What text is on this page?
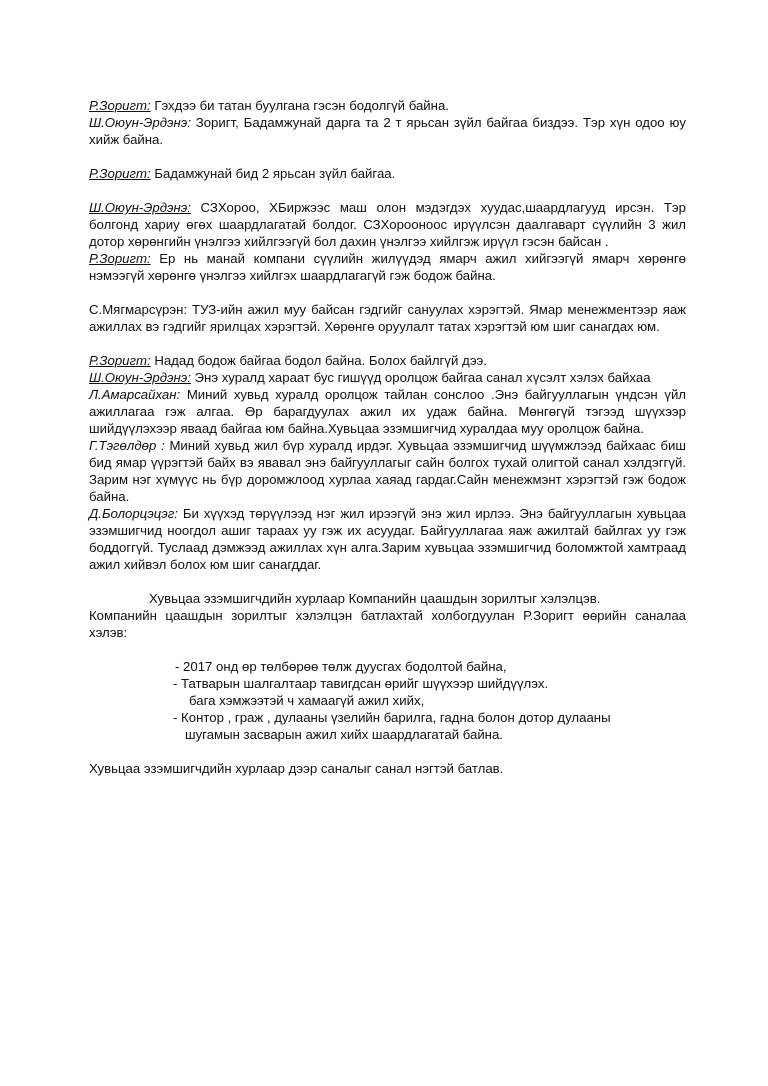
Р.Зоригт: Гэхдээ би татан буулгана гэсэн бодолгүй байна.

Ш.Оюун-Эрдэнэ: Зоригт, Бадамжунай дарга та 2 т ярьсан зүйл байгаа биздээ. Тэр хүн одоо юу хийж байна.

Р.Зоригт: Бадамжунай бид 2 ярьсан зүйл байгаа.

Ш.Оюун-Эрдэнэ: СЗХороо, ХБиржээс маш олон мэдэгдэх хуудас,шаардлагууд ирсэн. Тэр болгонд хариу өгөх шаардлагатай болдог. СЗХорооноос ирүүлсэн даалгаварт сүүлийн 3 жил дотор хөрөнгийн үнэлгээ хийлгээгүй бол дахин үнэлгээ хийлгэж ирүүл гэсэн байсан .

Р.Зоригт: Ер нь манай компани сүүлийн жилүүдэд ямарч ажил хийгээгүй ямарч хөрөнгө нэмээгүй хөрөнгө үнэлгээ хийлгэх шаардлагагүй гэж бодож байна.

С.Мягмарсүрэн: ТУЗ-ийн ажил муу байсан гэдгийг сануулах хэрэгтэй. Ямар менежментээр яаж ажиллах вэ гэдгийг ярилцах хэрэгтэй. Хөрөнгө оруулалт татах хэрэгтэй юм шиг санагдах юм.

Р.Зоригт: Надад бодож байгаа бодол байна. Болох байлгүй дээ.

Ш.Оюун-Эрдэнэ: Энэ хуралд хараат бус гишүүд оролцож байгаа санал хүсэлт хэлэх байхаа

Л.Амарсайхан: Миний хувьд хуралд оролцож тайлан сонслоо .Энэ байгууллагын үндсэн үйл ажиллагаа гэж алгаа. Өр барагдуулах ажил их удаж байна. Мөнгөгүй тэгээд шүүхээр шийдүүлэхээр яваад байгаа юм байна.Хувьцаа эзэмшигчид хуралдаа муу оролцож байна.

Г.Тэгөлдөр : Миний хувьд жил бүр хуралд ирдэг. Хувьцаа эзэмшигчид шүүмжлээд байхаас биш бид ямар үүрэгтэй байх вэ явавал энэ байгууллагыг сайн болгох тухай олигтой санал хэлдэггүй. Зарим нэг хүмүүс нь бүр доромжлоод хурлаа хаяад гардаг.Сайн менежмэнт хэрэгтэй гэж бодож байна.

Д.Болорцэцэг: Би хүүхэд төрүүлээд нэг жил ирээгүй энэ жил ирлээ. Энэ байгууллагын хувьцаа эзэмшигчид ноогдол ашиг тараах уу гэж их асуудаг. Байгууллагаа яаж ажилтай байлгах уу гэж боддоггүй. Туслаад дэмжээд ажиллах хүн алга.Зарим хувьцаа эзэмшигчид боломжтой хамтраад ажил хийвэл болох юм шиг санагддаг.

Хувьцаа эзэмшигчдийн хурлаар Компанийн цаашдын зорилтыг хэлэлцэв.

Компанийн цаашдын зорилтыг хэлэлцэн батлахтай холбогдуулан Р.Зоригт өөрийн саналаа хэлэв:

- 2017 онд өр төлбөрөө төлж дуусгах бодолтой байна,
- Татварын шалгалтаар тавигдсан өрийг шүүхээр шийдүүлэх.
бага хэмжээтэй ч хамаагүй ажил хийх,
- Контор , граж , дулааны үзелийн барилга, гадна болон дотор дулааны
шугамын засварын ажил хийх шаардлагатай байна.

Хувьцаа эзэмшигчдийн хурлаар дээр саналыг санал нэгтэй батлав.
